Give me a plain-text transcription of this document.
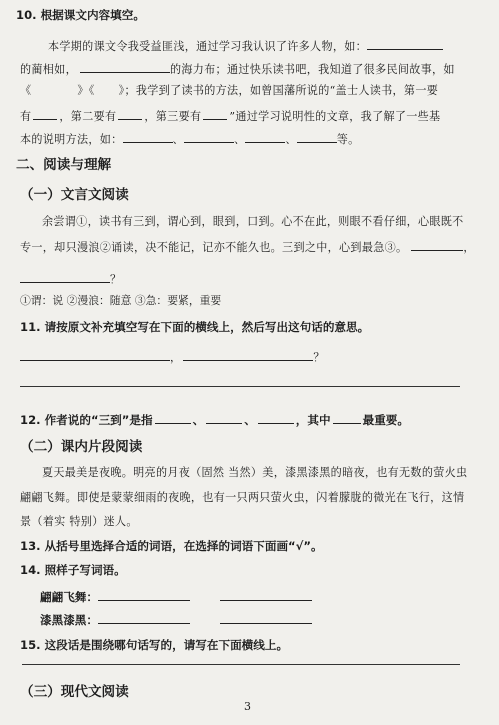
10. 根据课文内容填空。
本学期的课文令我受益匪浅，通过学习我认识了许多人物，如：
的蔺相如，	的海力布；通过快乐读书吧，我知道了很多民间故事，如
《	》《 》；我学到了读书的方法，如曾国藩所说的“盖士人读书，第一要
有	，第二要有	，第三要有	”通过学习说明性的文章，我了解了一些基
本的说明方法，如：	、	、	、	等。
二、阅读与理解
（一）文言文阅读
余尝谓①，读书有三到，谓心到，眼到，口到。心不在此，则眼不看仔细，心眼既不
专一，却只漫浪②诵读，决不能记，记亦不能久也。三到之中，心到最急③。	，
？
①谓：说 ②漫浪：随意 ③急：要紧，重要
11. 请按原文补充填空写在下面的横线上，然后写出这句话的意思。
，	？
12. 作者说的“三到”是指	、	、	，其中	最重要。
（二）课内片段阅读
夏天最美是夜晚。明亮的月夜（固然 当然）美，漆黑漆黑的暗夜，也有无数的萤火虫
翩翩飞舞。即使是蒙蒙细雨的夜晚，也有一只两只萤火虫，闪着朦胧的微光在飞行，这情
景（着实 特别）迷人。
13. 从括号里选择合适的词语，在选择的词语下面画“√”。
14. 照样子写词语。
翩翩飞舞：
漆黑漆黑：
15. 这段话是围绕哪句话写的，请写在下面横线上。
（三）现代文阅读
3
